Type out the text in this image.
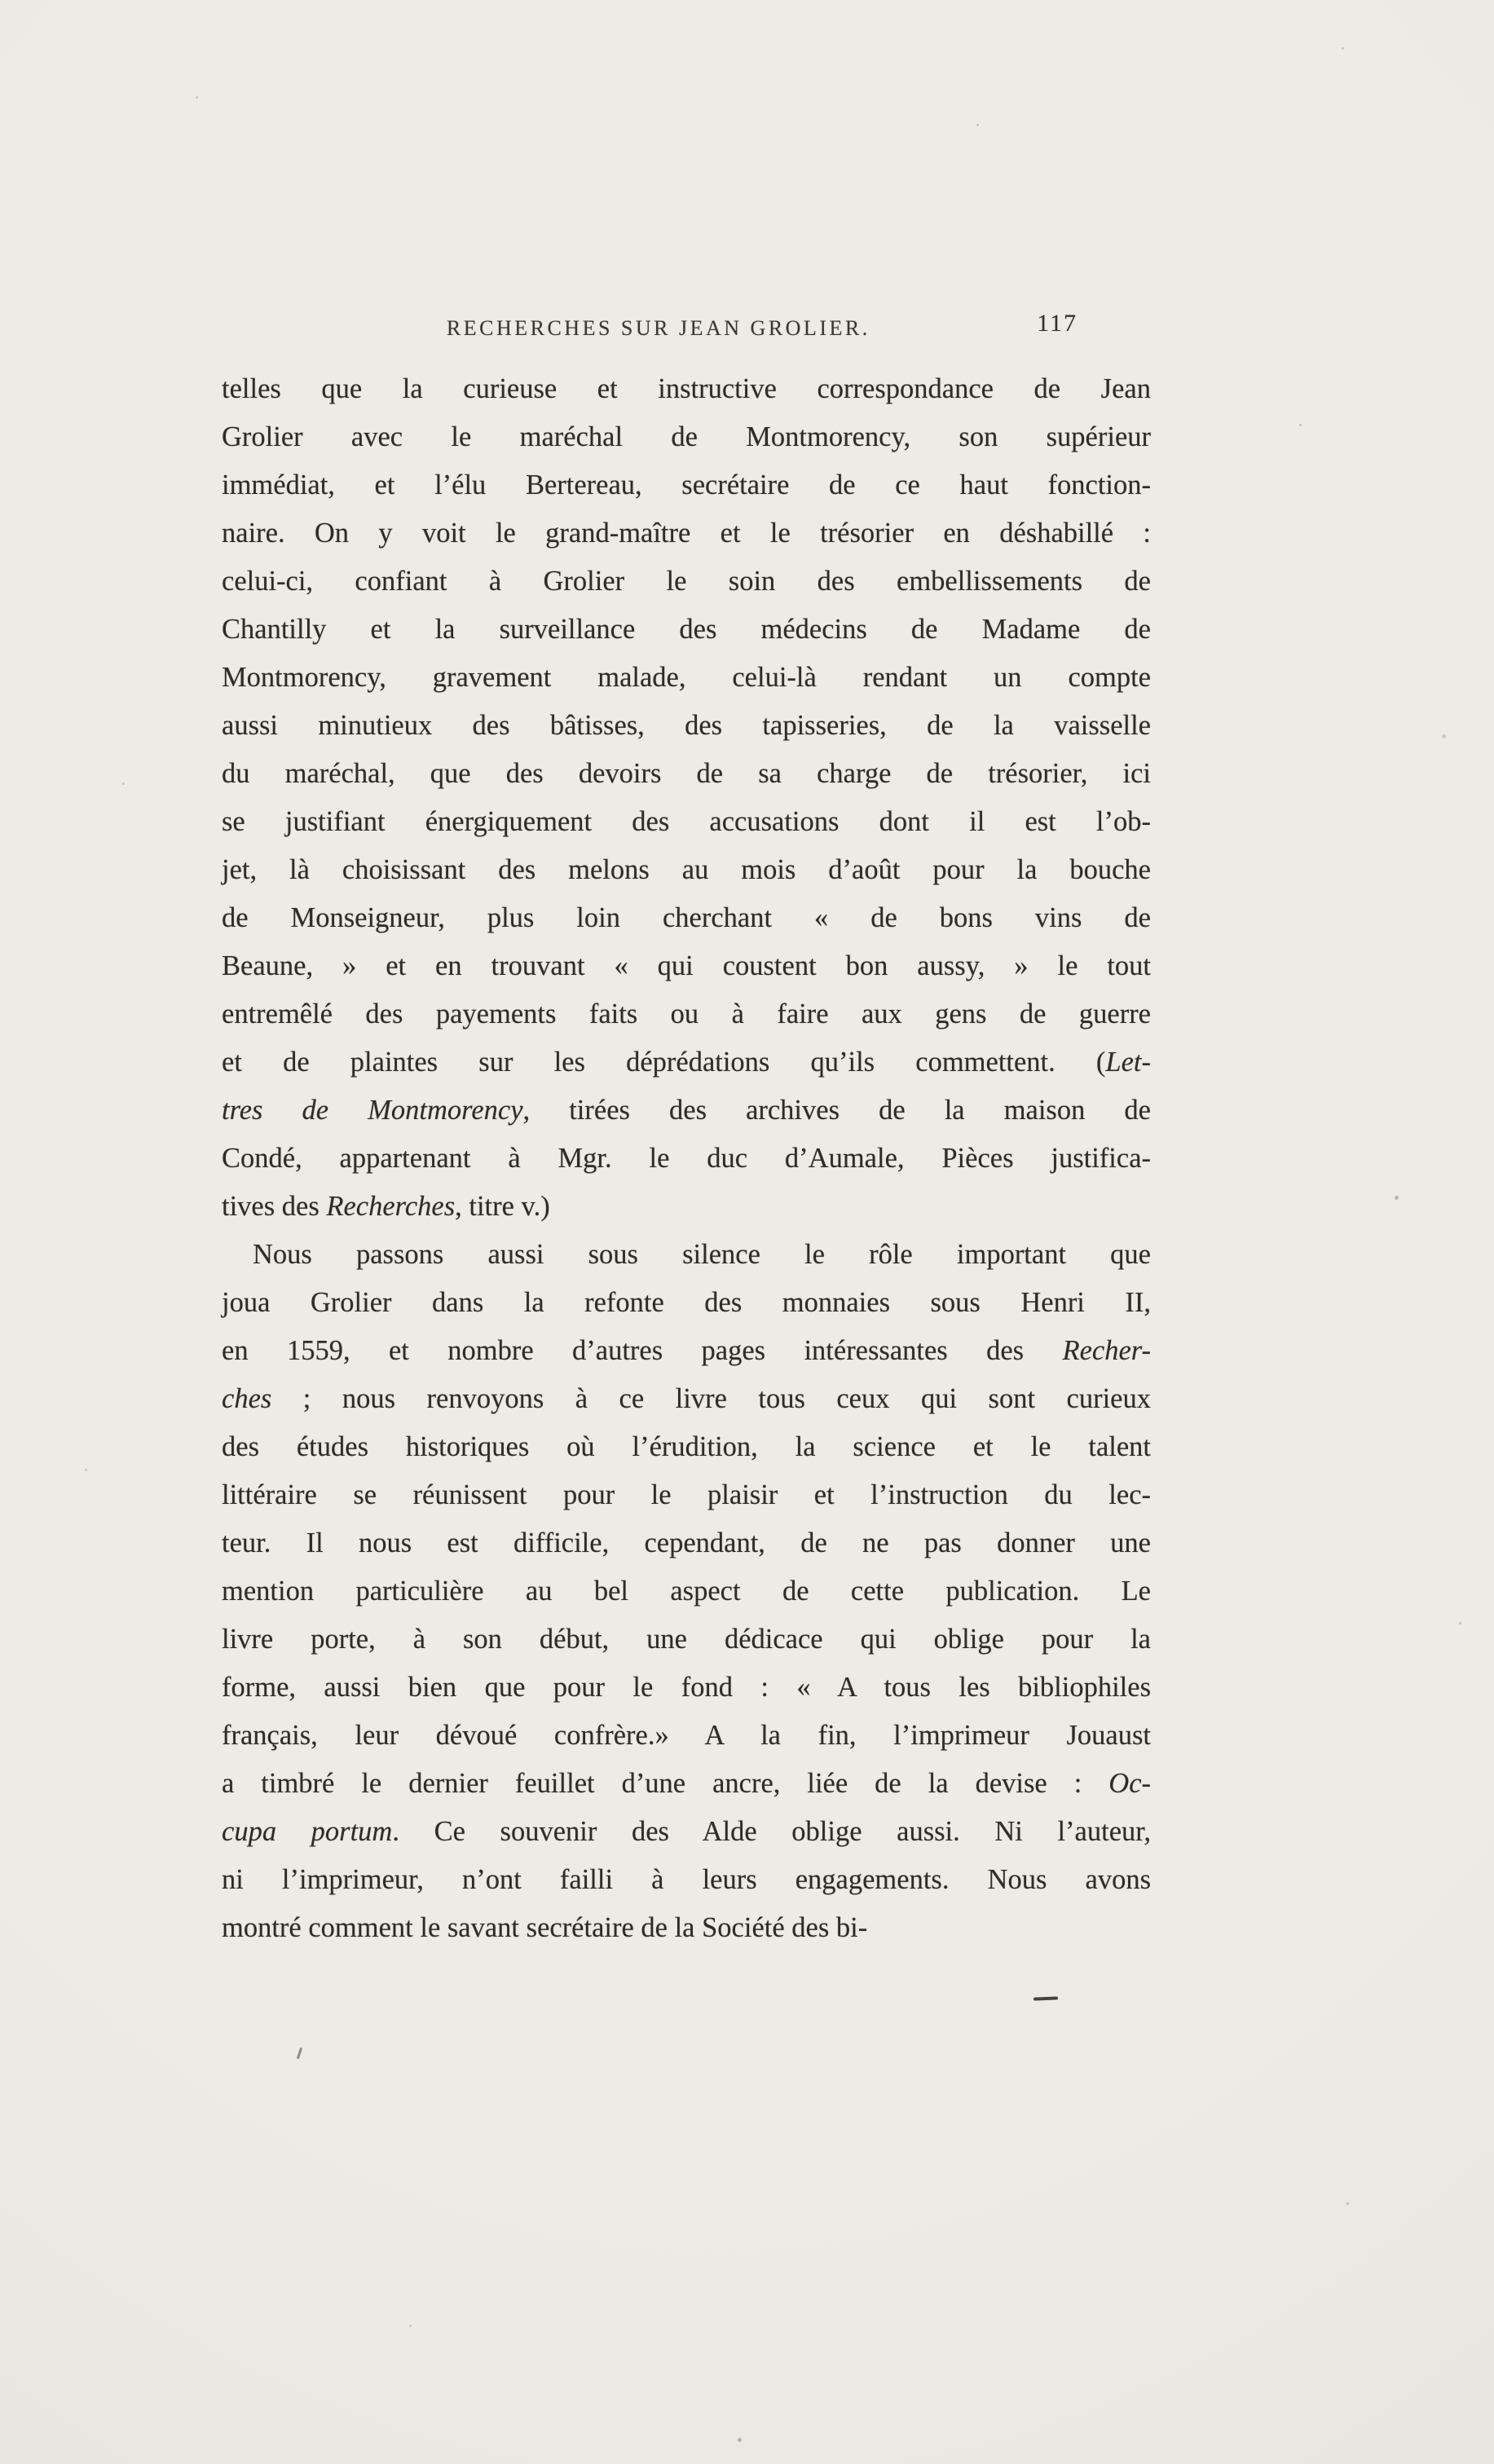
RECHERCHES SUR JEAN GROLIER.	117
telles que la curieuse et instructive correspondance de Jean
Grolier avec le maréchal de Montmorency, son supérieur
immédiat, et l’élu Bertereau, secrétaire de ce haut fonction-
naire. On y voit le grand-maître et le trésorier en déshabillé :
celui-ci, confiant à Grolier le soin des embellissements de
Chantilly et la surveillance des médecins de Madame de
Montmorency, gravement malade, celui-là rendant un compte
aussi minutieux des bâtisses, des tapisseries, de la vaisselle
du maréchal, que des devoirs de sa charge de trésorier, ici
se justifiant énergiquement des accusations dont il est l’ob-
jet, là choisissant des melons au mois d’août pour la bouche
de Monseigneur, plus loin cherchant « de bons vins de
Beaune, » et en trouvant « qui coustent bon aussy, » le tout
entremêlé des payements faits ou à faire aux gens de guerre
et de plaintes sur les déprédations qu’ils commettent. (Let-
tres de Montmorency, tirées des archives de la maison de
Condé, appartenant à Mgr. le duc d’Aumale, Pièces justifica-
tives des Recherches, titre v.)
Nous passons aussi sous silence le rôle important que
joua Grolier dans la refonte des monnaies sous Henri II,
en 1559, et nombre d’autres pages intéressantes des Recher-
ches ; nous renvoyons à ce livre tous ceux qui sont curieux
des études historiques où l’érudition, la science et le talent
littéraire se réunissent pour le plaisir et l’instruction du lec-
teur. Il nous est difficile, cependant, de ne pas donner une
mention particulière au bel aspect de cette publication. Le
livre porte, à son début, une dédicace qui oblige pour la
forme, aussi bien que pour le fond : « A tous les bibliophiles
français, leur dévoué confrère.» A la fin, l’imprimeur Jouaust
a timbré le dernier feuillet d’une ancre, liée de la devise : Oc-
cupa portum. Ce souvenir des Alde oblige aussi. Ni l’auteur,
ni l’imprimeur, n’ont failli à leurs engagements. Nous avons
montré comment le savant secrétaire de la Société des bi-
